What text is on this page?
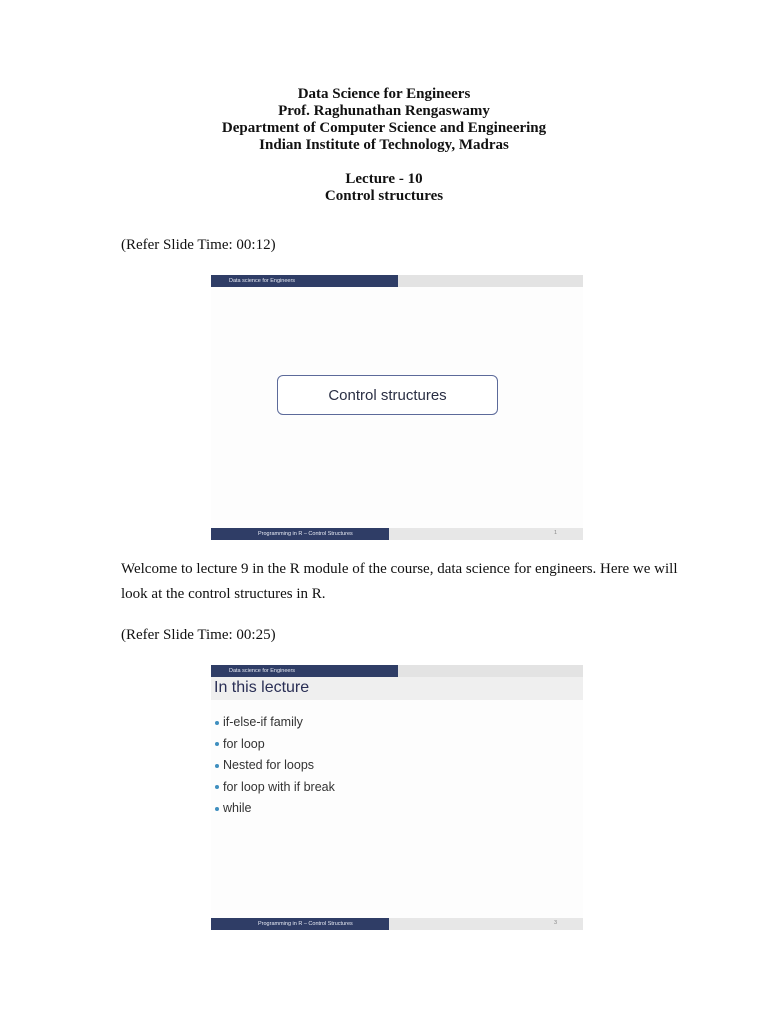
Data Science for Engineers

Prof. Raghunathan Rengaswamy

Department of Computer Science and Engineering

Indian Institute of Technology, Madras

Lecture - 10

Control structures

(Refer Slide Time: 00:12)

Data science for Engineers
Control structures
Programming in R – Control Structures	1

Welcome to lecture 9 in the R module of the course, data science for engineers. Here we will look at the control structures in R.

(Refer Slide Time: 00:25)

Data science for Engineers
In this lecture
if-else-if family
for loop
Nested for loops
for loop with if break
while
Programming in R – Control Structures	3
